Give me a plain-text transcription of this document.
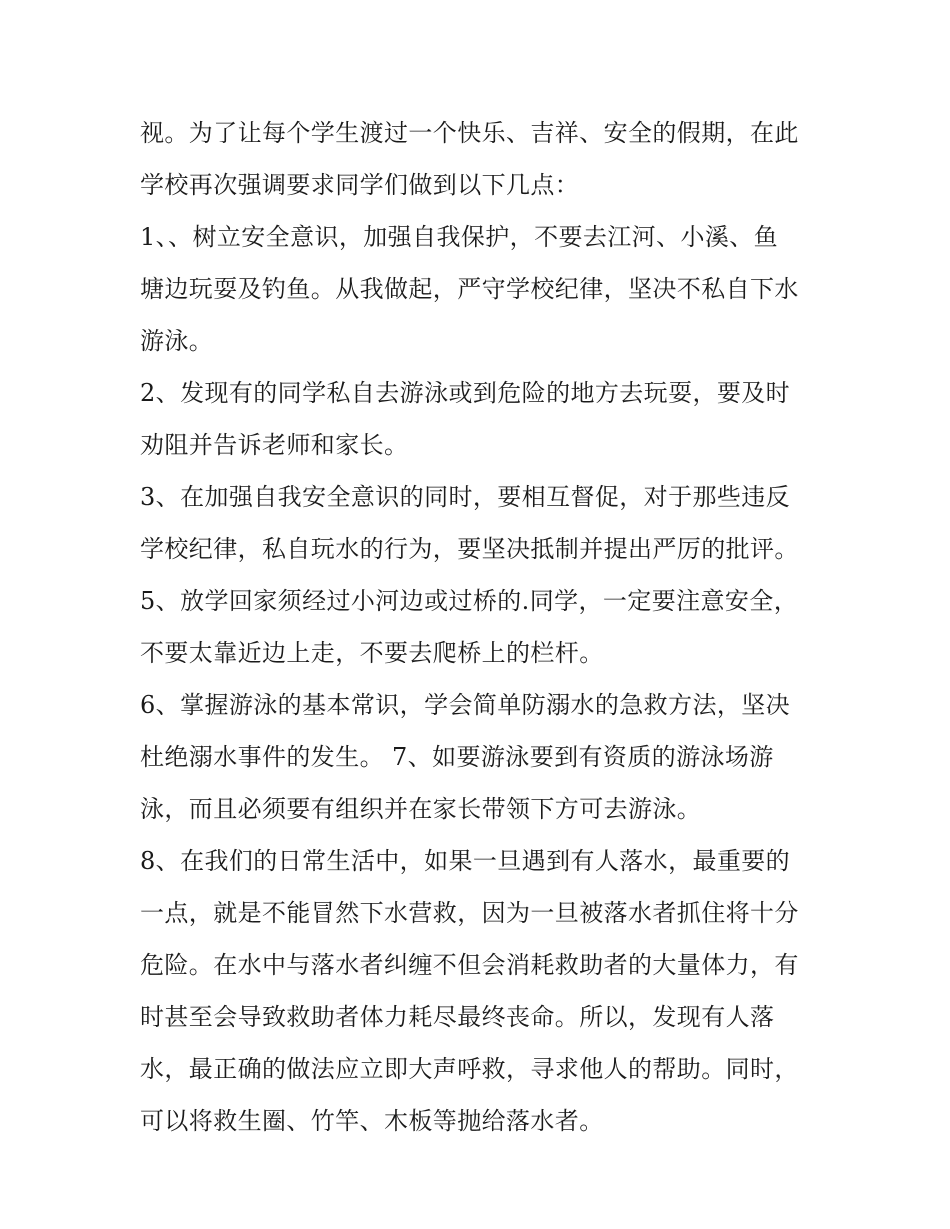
视。为了让每个学生渡过一个快乐、吉祥、安全的假期，在此
学校再次强调要求同学们做到以下几点：
1、、树立安全意识，加强自我保护，不要去江河、小溪、鱼
塘边玩耍及钓鱼。从我做起，严守学校纪律，坚决不私自下水
游泳。
2、发现有的同学私自去游泳或到危险的地方去玩耍，要及时
劝阻并告诉老师和家长。
3、在加强自我安全意识的同时，要相互督促，对于那些违反
学校纪律，私自玩水的行为，要坚决抵制并提出严厉的批评。
5、放学回家须经过小河边或过桥的.同学，一定要注意安全，
不要太靠近边上走，不要去爬桥上的栏杆。
6、掌握游泳的基本常识，学会简单防溺水的急救方法，坚决
杜绝溺水事件的发生。 7、如要游泳要到有资质的游泳场游
泳，而且必须要有组织并在家长带领下方可去游泳。
8、在我们的日常生活中，如果一旦遇到有人落水，最重要的
一点，就是不能冒然下水营救，因为一旦被落水者抓住将十分
危险。在水中与落水者纠缠不但会消耗救助者的大量体力，有
时甚至会导致救助者体力耗尽最终丧命。所以，发现有人落
水，最正确的做法应立即大声呼救，寻求他人的帮助。同时，
可以将救生圈、竹竿、木板等抛给落水者。
